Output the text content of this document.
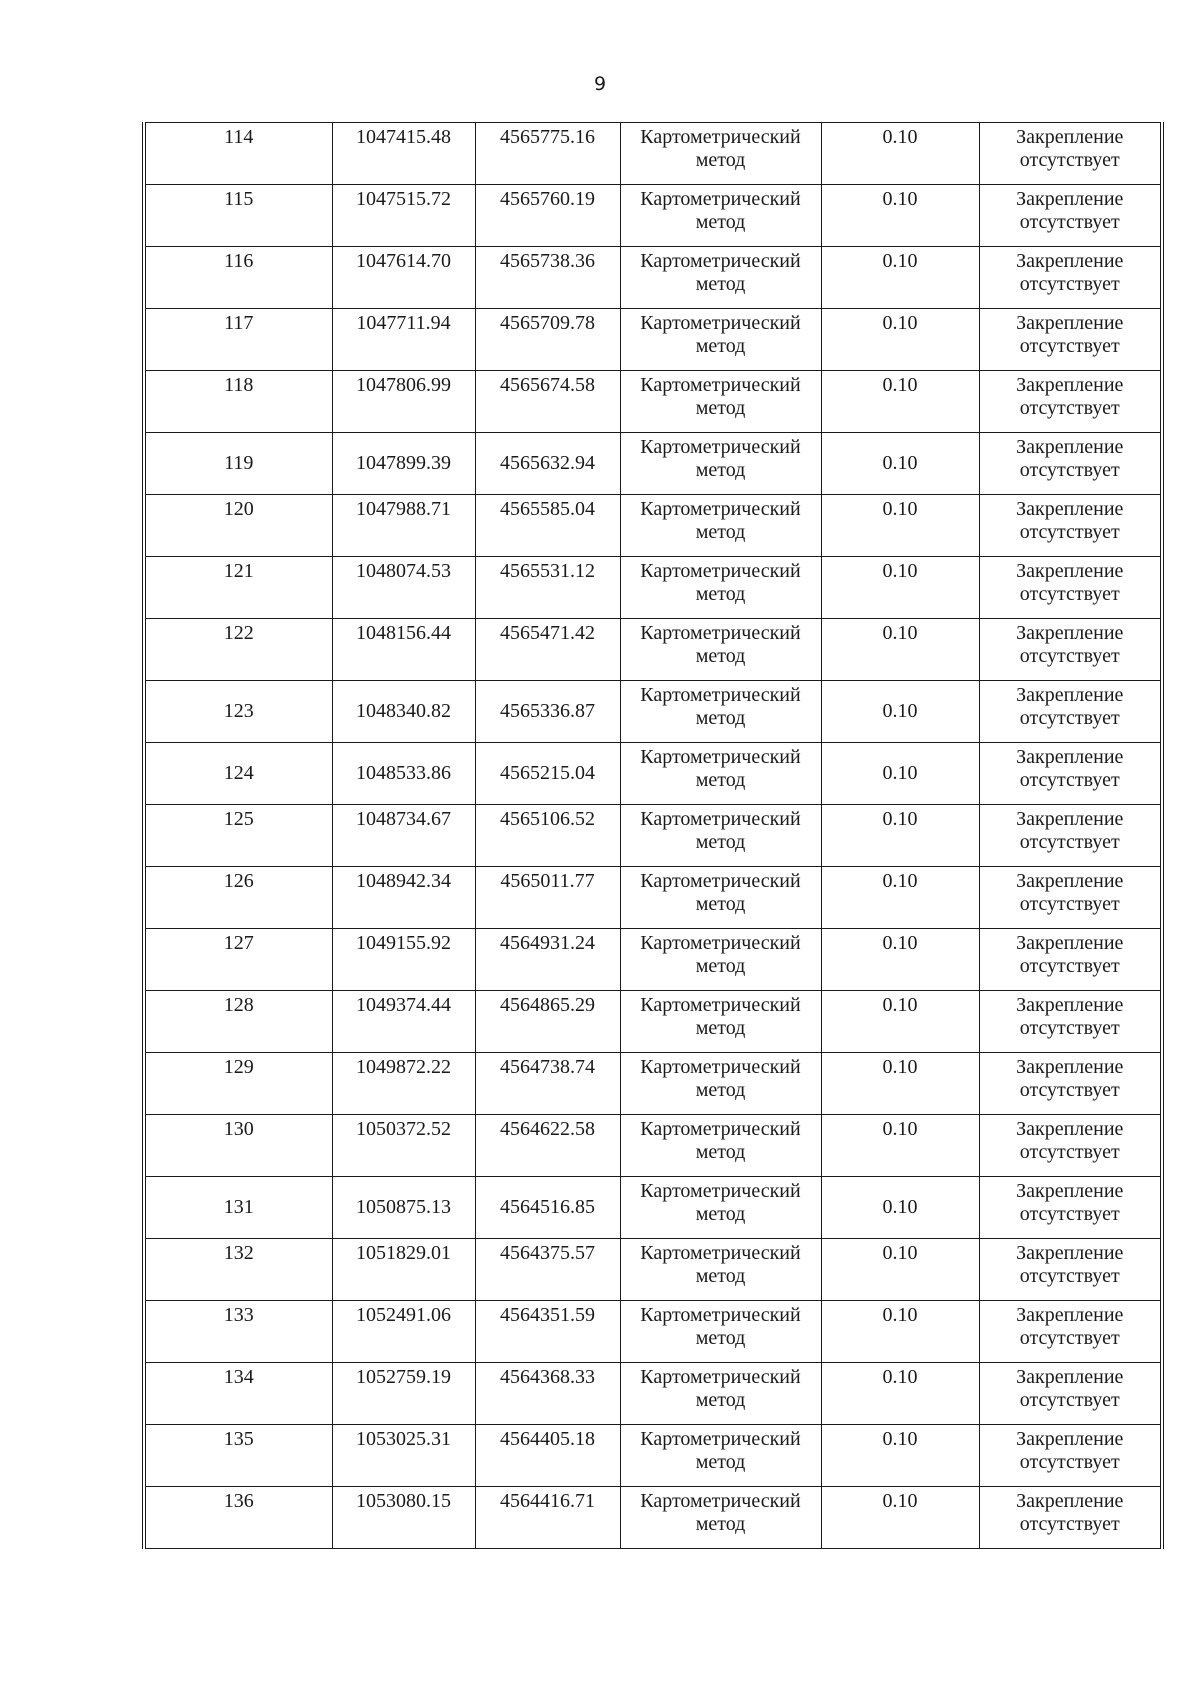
9
114	1047415.48	4565775.16	Картометрический
метод	0.10	Закрепление
отсутствует

115	1047515.72	4565760.19	Картометрический
метод	0.10	Закрепление
отсутствует

116	1047614.70	4565738.36	Картометрический
метод	0.10	Закрепление
отсутствует

117	1047711.94	4565709.78	Картометрический
метод	0.10	Закрепление
отсутствует

118	1047806.99	4565674.58	Картометрический
метод	0.10	Закрепление
отсутствует

119	1047899.39	4565632.94	Картометрический
метод	0.10	Закрепление
отсутствует

120	1047988.71	4565585.04	Картометрический
метод	0.10	Закрепление
отсутствует

121	1048074.53	4565531.12	Картометрический
метод	0.10	Закрепление
отсутствует

122	1048156.44	4565471.42	Картометрический
метод	0.10	Закрепление
отсутствует

123	1048340.82	4565336.87	Картометрический
метод	0.10	Закрепление
отсутствует

124	1048533.86	4565215.04	Картометрический
метод	0.10	Закрепление
отсутствует

125	1048734.67	4565106.52	Картометрический
метод	0.10	Закрепление
отсутствует

126	1048942.34	4565011.77	Картометрический
метод	0.10	Закрепление
отсутствует

127	1049155.92	4564931.24	Картометрический
метод	0.10	Закрепление
отсутствует

128	1049374.44	4564865.29	Картометрический
метод	0.10	Закрепление
отсутствует

129	1049872.22	4564738.74	Картометрический
метод	0.10	Закрепление
отсутствует

130	1050372.52	4564622.58	Картометрический
метод	0.10	Закрепление
отсутствует

131	1050875.13	4564516.85	Картометрический
метод	0.10	Закрепление
отсутствует

132	1051829.01	4564375.57	Картометрический
метод	0.10	Закрепление
отсутствует

133	1052491.06	4564351.59	Картометрический
метод	0.10	Закрепление
отсутствует

134	1052759.19	4564368.33	Картометрический
метод	0.10	Закрепление
отсутствует

135	1053025.31	4564405.18	Картометрический
метод	0.10	Закрепление
отсутствует

136	1053080.15	4564416.71	Картометрический
метод	0.10	Закрепление
отсутствует
